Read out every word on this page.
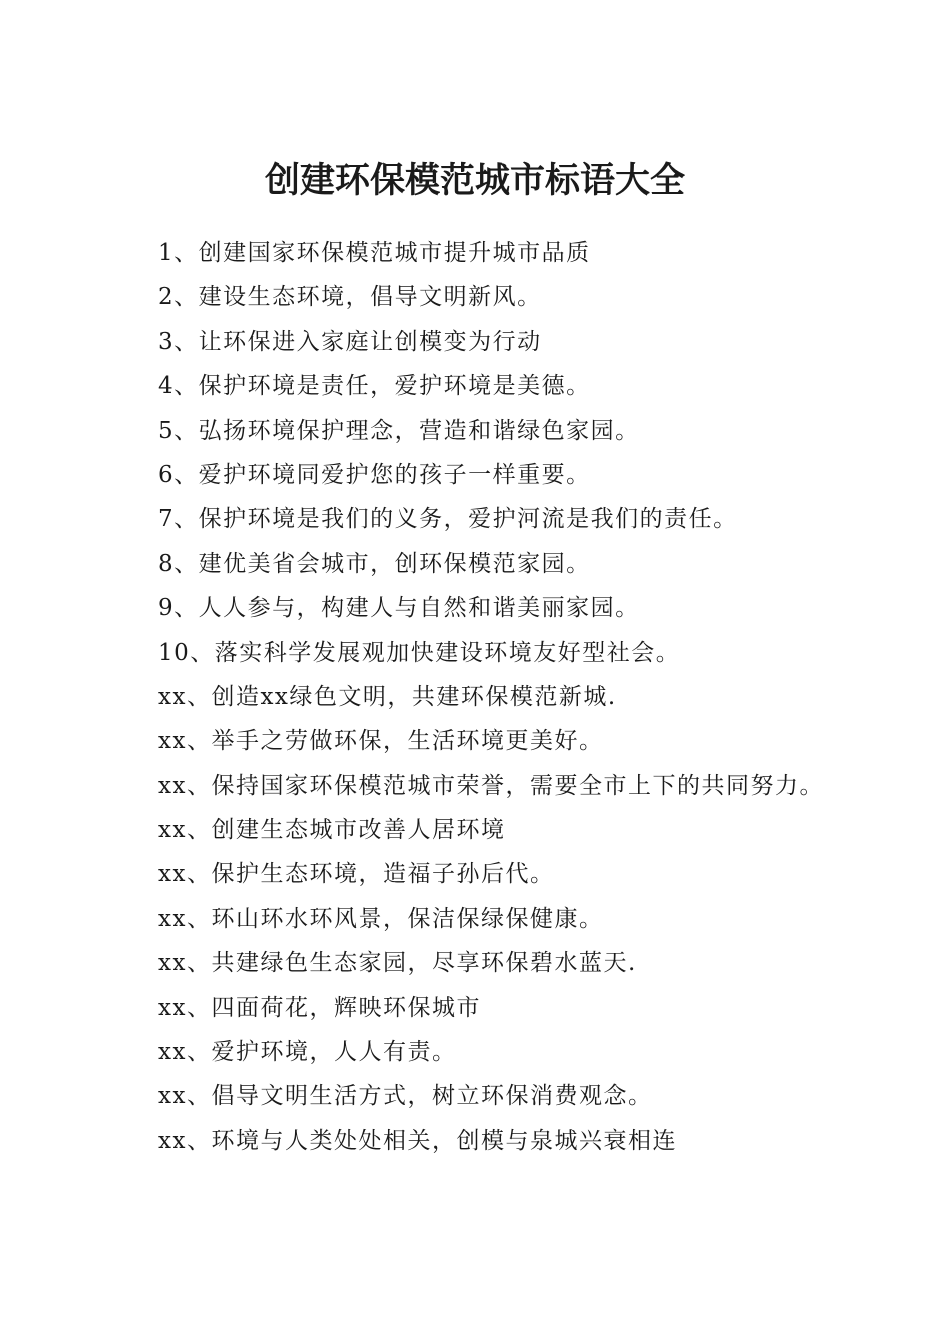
创建环保模范城市标语大全
1、创建国家环保模范城市提升城市品质
2、建设生态环境，倡导文明新风。
3、让环保进入家庭让创模变为行动
4、保护环境是责任，爱护环境是美德。
5、弘扬环境保护理念，营造和谐绿色家园。
6、爱护环境同爱护您的孩子一样重要。
7、保护环境是我们的义务，爱护河流是我们的责任。
8、建优美省会城市，创环保模范家园。
9、人人参与，构建人与自然和谐美丽家园。
10、落实科学发展观加快建设环境友好型社会。
xx、创造xx绿色文明，共建环保模范新城.
xx、举手之劳做环保，生活环境更美好。
xx、保持国家环保模范城市荣誉，需要全市上下的共同努力。
xx、创建生态城市改善人居环境
xx、保护生态环境，造福子孙后代。
xx、环山环水环风景，保洁保绿保健康。
xx、共建绿色生态家园，尽享环保碧水蓝天.
xx、四面荷花，辉映环保城市
xx、爱护环境，人人有责。
xx、倡导文明生活方式，树立环保消费观念。
xx、环境与人类处处相关，创模与泉城兴衰相连
